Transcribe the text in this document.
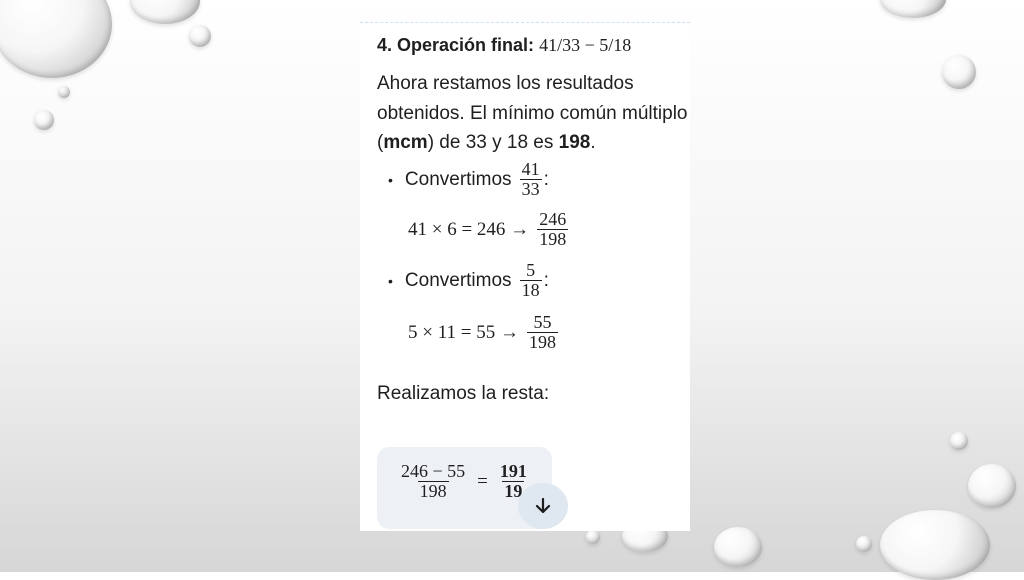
4. Operación final: 41/33 − 5/18
Ahora restamos los resultados obtenidos. El mínimo común múltiplo (mcm) de 33 y 18 es 198.
• Convertimos $\frac{41}{33}$ :
$41 \times 6 = 246 \to \frac{246}{198}$
• Convertimos $\frac{5}{18}$ :
$5 \times 11 = 55 \to \frac{55}{198}$
Realizamos la resta:
$\frac{246 - 55}{198} = \frac{191}{19}$
